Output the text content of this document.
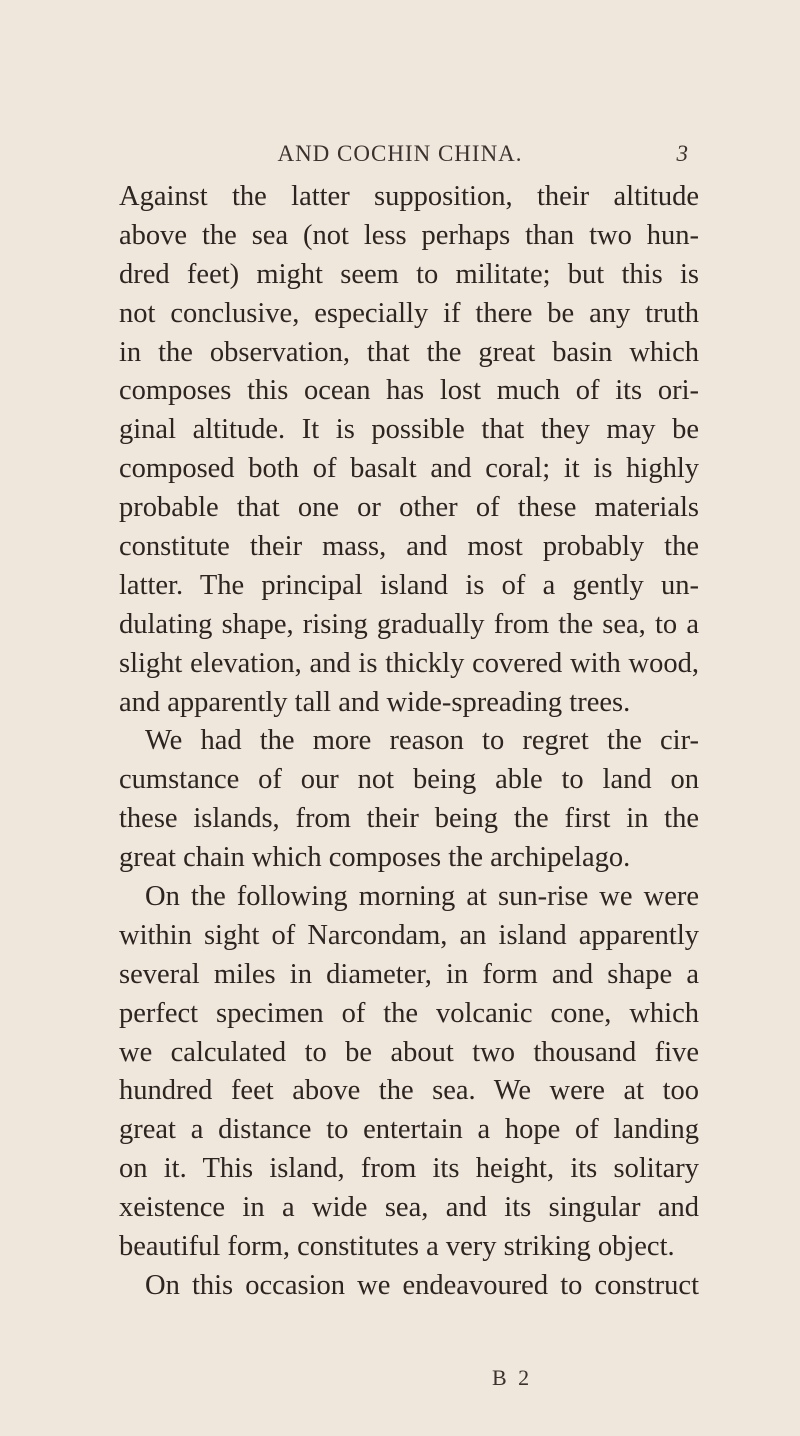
AND COCHIN CHINA.	3
Against the latter supposition, their altitude
above the sea (not less perhaps than two hun-
dred feet) might seem to militate; but this is
not conclusive, especially if there be any truth
in the observation, that the great basin which
composes this ocean has lost much of its ori-
ginal altitude. It is possible that they may be
composed both of basalt and coral; it is highly
probable that one or other of these materials
constitute their mass, and most probably the
latter. The principal island is of a gently un-
dulating shape, rising gradually from the sea, to a
slight elevation, and is thickly covered with wood,
and apparently tall and wide-spreading trees.
We had the more reason to regret the cir-
cumstance of our not being able to land on
these islands, from their being the first in the
great chain which composes the archipelago.
On the following morning at sun-rise we were
within sight of Narcondam, an island apparently
several miles in diameter, in form and shape a
perfect specimen of the volcanic cone, which
we calculated to be about two thousand five
hundred feet above the sea. We were at too
great a distance to entertain a hope of landing
on it. This island, from its height, its solitary
xeistence in a wide sea, and its singular and
beautiful form, constitutes a very striking object.
On this occasion we endeavoured to construct
B 2
